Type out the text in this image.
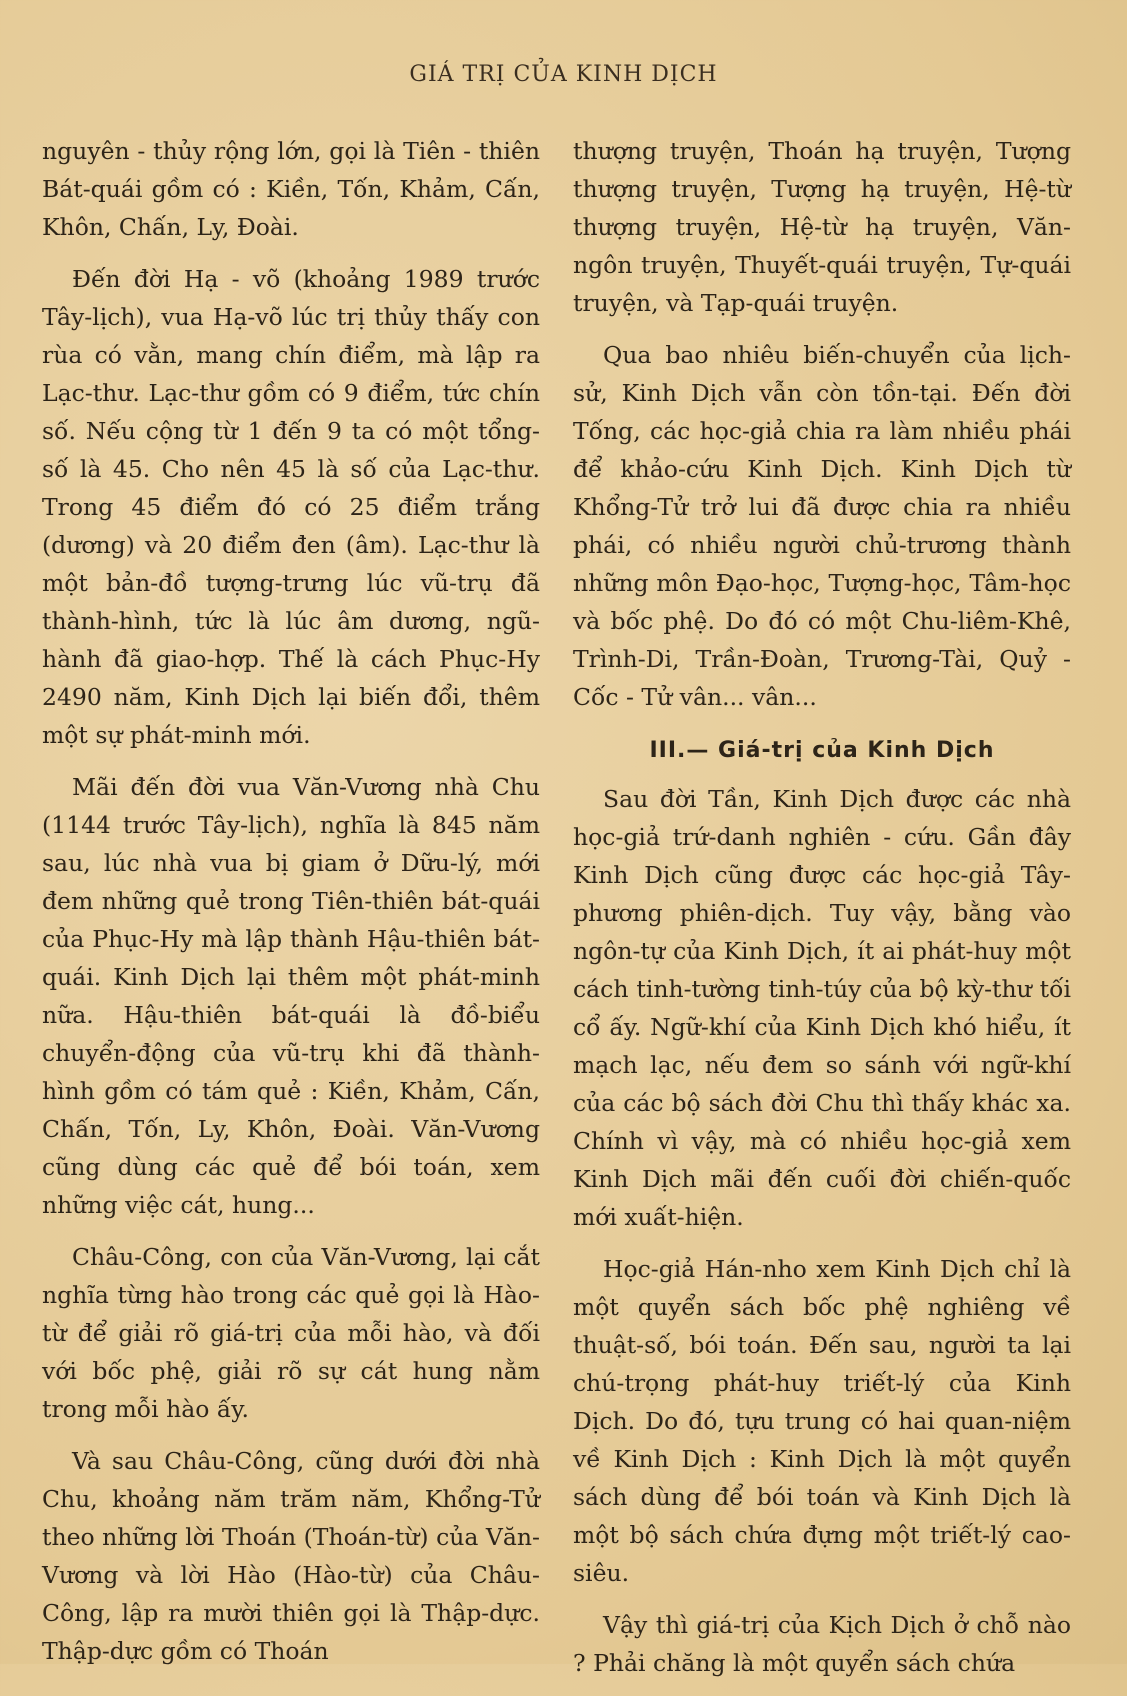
GIÁ TRỊ CỦA KINH DỊCH

nguyên - thủy rộng lớn, gọi là Tiên - thiên Bát-quái gồm có : Kiền, Tốn, Khảm, Cấn, Khôn, Chấn, Ly, Đoài.

Đến đời Hạ - võ (khoảng 1989 trước Tây-lịch), vua Hạ-võ lúc trị thủy thấy con rùa có vằn, mang chín điểm, mà lập ra Lạc-thư. Lạc-thư gồm có 9 điểm, tức chín số. Nếu cộng từ 1 đến 9 ta có một tổng-số là 45. Cho nên 45 là số của Lạc-thư. Trong 45 điểm đó có 25 điểm trắng (dương) và 20 điểm đen (âm). Lạc-thư là một bản-đồ tượng-trưng lúc vũ-trụ đã thành-hình, tức là lúc âm dương, ngũ-hành đã giao-hợp. Thế là cách Phục-Hy 2490 năm, Kinh Dịch lại biến đổi, thêm một sự phát-minh mới.

Mãi đến đời vua Văn-Vương nhà Chu (1144 trước Tây-lịch), nghĩa là 845 năm sau, lúc nhà vua bị giam ở Dữu-lý, mới đem những quẻ trong Tiên-thiên bát-quái của Phục-Hy mà lập thành Hậu-thiên bát-quái. Kinh Dịch lại thêm một phát-minh nữa. Hậu-thiên bát-quái là đồ-biểu chuyển-động của vũ-trụ khi đã thành-hình gồm có tám quẻ : Kiền, Khảm, Cấn, Chấn, Tốn, Ly, Khôn, Đoài. Văn-Vương cũng dùng các quẻ để bói toán, xem những việc cát, hung...

Châu-Công, con của Văn-Vương, lại cắt nghĩa từng hào trong các quẻ gọi là Hào-từ để giải rõ giá-trị của mỗi hào, và đối với bốc phệ, giải rõ sự cát hung nằm trong mỗi hào ấy.

Và sau Châu-Công, cũng dưới đời nhà Chu, khoảng năm trăm năm, Khổng-Tử theo những lời Thoán (Thoán-từ) của Văn-Vương và lời Hào (Hào-từ) của Châu-Công, lập ra mười thiên gọi là Thập-dực. Thập-dực gồm có Thoán

thượng truyện, Thoán hạ truyện, Tượng thượng truyện, Tượng hạ truyện, Hệ-từ thượng truyện, Hệ-từ hạ truyện, Văn-ngôn truyện, Thuyết-quái truyện, Tự-quái truyện, và Tạp-quái truyện.

Qua bao nhiêu biến-chuyển của lịch-sử, Kinh Dịch vẫn còn tồn-tại. Đến đời Tống, các học-giả chia ra làm nhiều phái để khảo-cứu Kinh Dịch. Kinh Dịch từ Khổng-Tử trở lui đã được chia ra nhiều phái, có nhiều người chủ-trương thành những môn Đạo-học, Tượng-học, Tâm-học và bốc phệ. Do đó có một Chu-liêm-Khê, Trình-Di, Trần-Đoàn, Trương-Tài, Quỷ - Cốc - Tử vân... vân...

III.— Giá-trị của Kinh Dịch

Sau đời Tần, Kinh Dịch được các nhà học-giả trứ-danh nghiên - cứu. Gần đây Kinh Dịch cũng được các học-giả Tây-phương phiên-dịch. Tuy vậy, bằng vào ngôn-tự của Kinh Dịch, ít ai phát-huy một cách tinh-tường tinh-túy của bộ kỳ-thư tối cổ ấy. Ngữ-khí của Kinh Dịch khó hiểu, ít mạch lạc, nếu đem so sánh với ngữ-khí của các bộ sách đời Chu thì thấy khác xa. Chính vì vậy, mà có nhiều học-giả xem Kinh Dịch mãi đến cuối đời chiến-quốc mới xuất-hiện.

Học-giả Hán-nho xem Kinh Dịch chỉ là một quyển sách bốc phệ nghiêng về thuật-số, bói toán. Đến sau, người ta lại chú-trọng phát-huy triết-lý của Kinh Dịch. Do đó, tựu trung có hai quan-niệm về Kinh Dịch : Kinh Dịch là một quyển sách dùng để bói toán và Kinh Dịch là một bộ sách chứa đựng một triết-lý cao-siêu.

Vậy thì giá-trị của Kịch Dịch ở chỗ nào ? Phải chăng là một quyển sách chứa
